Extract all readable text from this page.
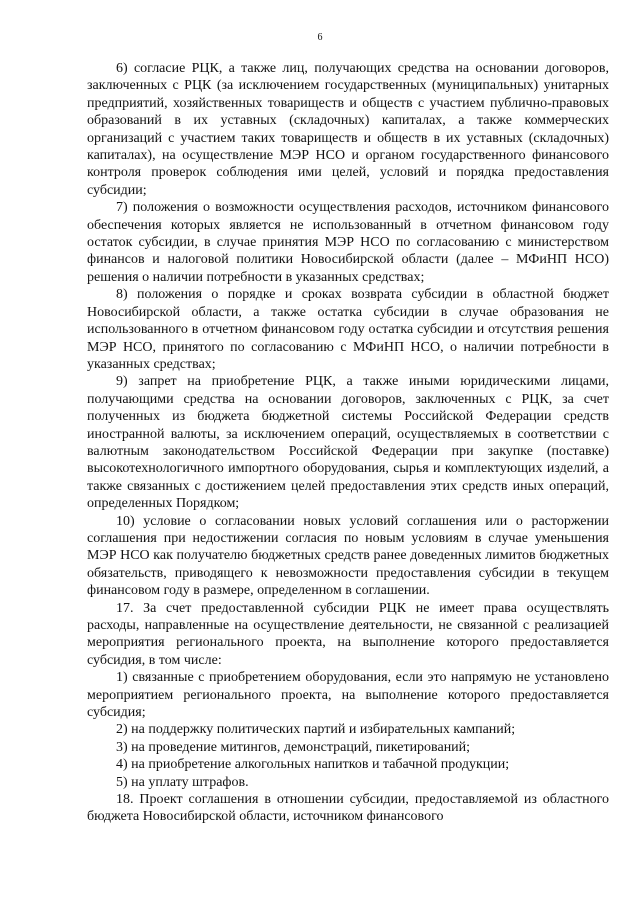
6

6) согласие РЦК, а также лиц, получающих средства на основании договоров, заключенных с РЦК (за исключением государственных (муниципальных) унитарных предприятий, хозяйственных товариществ и обществ с участием публично-правовых образований в их уставных (складочных) капиталах, а также коммерческих организаций с участием таких товариществ и обществ в их уставных (складочных) капиталах), на осуществление МЭР НСО и органом государственного финансового контроля проверок соблюдения ими целей, условий и порядка предоставления субсидии;

7) положения о возможности осуществления расходов, источником финансового обеспечения которых является не использованный в отчетном финансовом году остаток субсидии, в случае принятия МЭР НСО по согласованию с министерством финансов и налоговой политики Новосибирской области (далее – МФиНП НСО) решения о наличии потребности в указанных средствах;

8) положения о порядке и сроках возврата субсидии в областной бюджет Новосибирской области, а также остатка субсидии в случае образования не использованного в отчетном финансовом году остатка субсидии и отсутствия решения МЭР НСО, принятого по согласованию с МФиНП НСО, о наличии потребности в указанных средствах;

9) запрет на приобретение РЦК, а также иными юридическими лицами, получающими средства на основании договоров, заключенных с РЦК, за счет полученных из бюджета бюджетной системы Российской Федерации средств иностранной валюты, за исключением операций, осуществляемых в соответствии с валютным законодательством Российской Федерации при закупке (поставке) высокотехнологичного импортного оборудования, сырья и комплектующих изделий, а также связанных с достижением целей предоставления этих средств иных операций, определенных Порядком;

10) условие о согласовании новых условий соглашения или о расторжении соглашения при недостижении согласия по новым условиям в случае уменьшения МЭР НСО как получателю бюджетных средств ранее доведенных лимитов бюджетных обязательств, приводящего к невозможности предоставления субсидии в текущем финансовом году в размере, определенном в соглашении.

17. За счет предоставленной субсидии РЦК не имеет права осуществлять расходы, направленные на осуществление деятельности, не связанной с реализацией мероприятия регионального проекта, на выполнение которого предоставляется субсидия, в том числе:

1) связанные с приобретением оборудования, если это напрямую не установлено мероприятием регионального проекта, на выполнение которого предоставляется субсидия;

2) на поддержку политических партий и избирательных кампаний;

3) на проведение митингов, демонстраций, пикетирований;

4) на приобретение алкогольных напитков и табачной продукции;

5) на уплату штрафов.

18. Проект соглашения в отношении субсидии, предоставляемой из областного бюджета Новосибирской области, источником финансового
